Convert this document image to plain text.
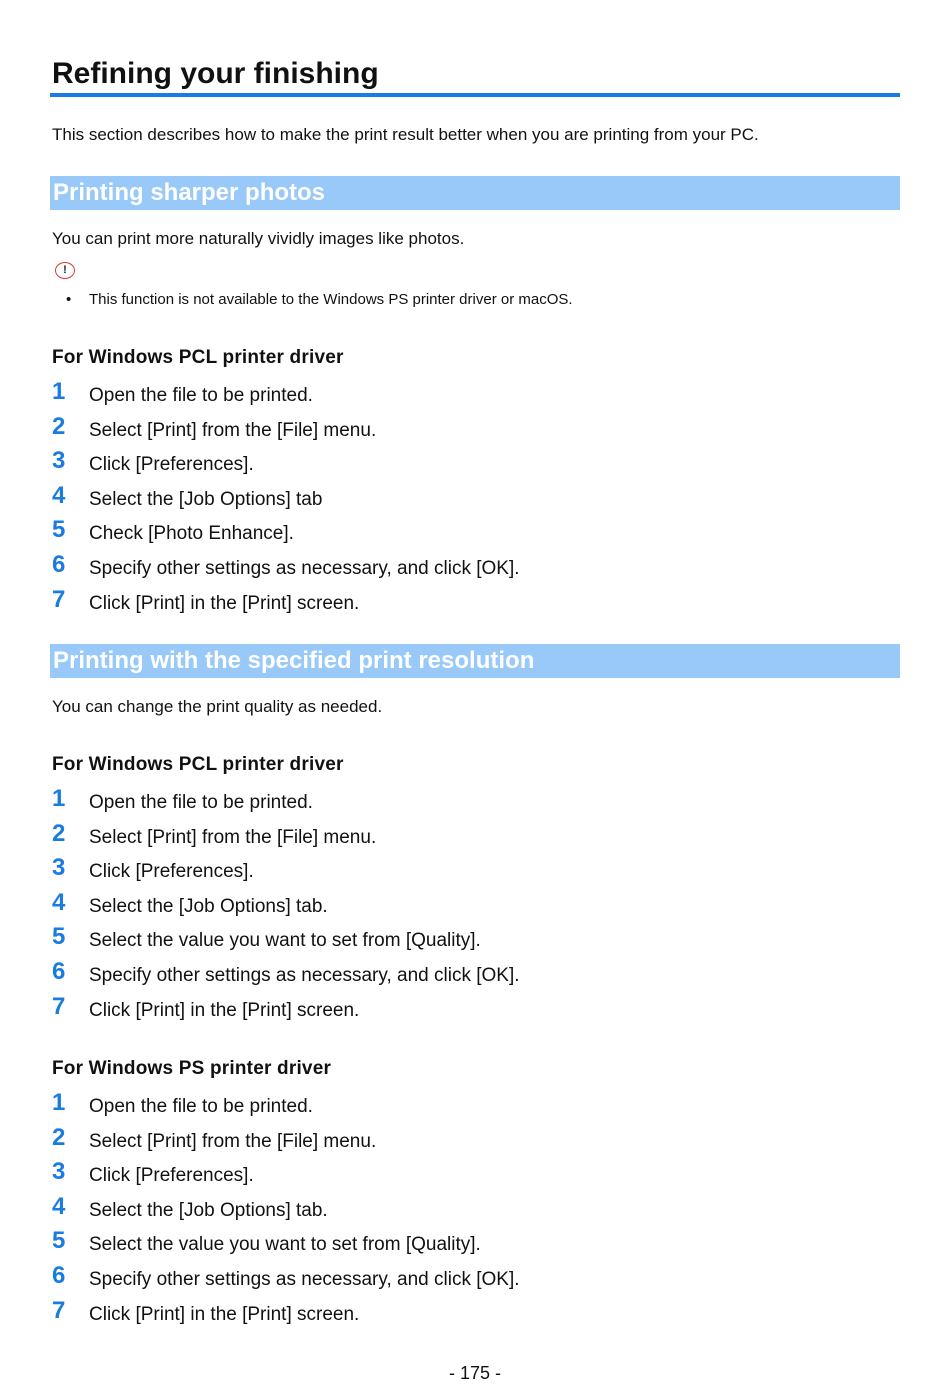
Refining your finishing
This section describes how to make the print result better when you are printing from your PC.
Printing sharper photos
You can print more naturally vividly images like photos.
!
• This function is not available to the Windows PS printer driver or macOS.
For Windows PCL printer driver
1 Open the file to be printed.
2 Select [Print] from the [File] menu.
3 Click [Preferences].
4 Select the [Job Options] tab
5 Check [Photo Enhance].
6 Specify other settings as necessary, and click [OK].
7 Click [Print] in the [Print] screen.
Printing with the specified print resolution
You can change the print quality as needed.
For Windows PCL printer driver
1 Open the file to be printed.
2 Select [Print] from the [File] menu.
3 Click [Preferences].
4 Select the [Job Options] tab.
5 Select the value you want to set from [Quality].
6 Specify other settings as necessary, and click [OK].
7 Click [Print] in the [Print] screen.
For Windows PS printer driver
1 Open the file to be printed.
2 Select [Print] from the [File] menu.
3 Click [Preferences].
4 Select the [Job Options] tab.
5 Select the value you want to set from [Quality].
6 Specify other settings as necessary, and click [OK].
7 Click [Print] in the [Print] screen.
- 175 -
